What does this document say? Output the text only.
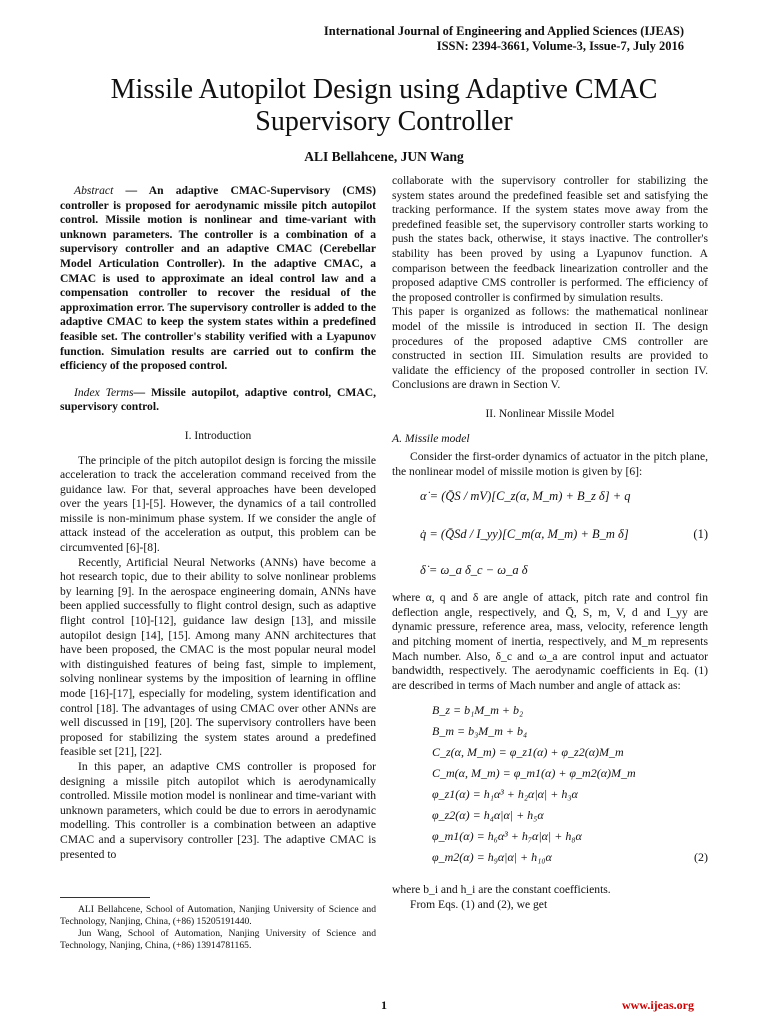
International Journal of Engineering and Applied Sciences (IJEAS)
ISSN: 2394-3661, Volume-3, Issue-7, July 2016
Missile Autopilot Design using Adaptive CMAC Supervisory Controller
ALI Bellahcene, JUN Wang

Abstract — An adaptive CMAC-Supervisory (CMS) controller is proposed for aerodynamic missile pitch autopilot control. Missile motion is nonlinear and time-variant with unknown parameters. The controller is a combination of a supervisory controller and an adaptive CMAC (Cerebellar Model Articulation Controller). In the adaptive CMAC, a CMAC is used to approximate an ideal control law and a compensation controller to recover the residual of the approximation error. The supervisory controller is added to the adaptive CMAC to keep the system states within a predefined feasible set. The controller's stability verified with a Lyapunov function. Simulation results are carried out to confirm the efficiency of the proposed control.

Index Terms— Missile autopilot, adaptive control, CMAC, supervisory control.

I. Introduction

The principle of the pitch autopilot design is forcing the missile acceleration to track the acceleration command received from the guidance law. For that, several approaches have been developed over the years [1]-[5]. However, the dynamics of a tail controlled missile is non-minimum phase system. If we consider the angle of attack instead of the acceleration as output, this problem can be circumvented [6]-[8].

Recently, Artificial Neural Networks (ANNs) have become a hot research topic, due to their ability to solve nonlinear problems by learning [9]. In the aerospace engineering domain, ANNs have been applied successfully to flight control design, such as adaptive flight control [10]-[12], guidance law design [13], and missile autopilot design [14], [15]. Among many ANN architectures that have been proposed, the CMAC is the most popular neural model with distinguished features of being fast, simple to implement, solving nonlinear systems by the imposition of learning in offline mode [16]-[17], especially for modeling, system identification and control [18]. The advantages of using CMAC over other ANNs are well discussed in [19], [20]. The supervisory controllers have been proposed for stabilizing the system states around a predefined feasible set [21], [22].

In this paper, an adaptive CMS controller is proposed for designing a missile pitch autopilot which is aerodynamically controlled. Missile motion model is nonlinear and time-variant with unknown parameters, which could be due to errors in aerodynamic modelling. This controller is a combination between an adaptive CMAC and a supervisory controller [23]. The adaptive CMAC is presented to

ALI Bellahcene, School of Automation, Nanjing University of Science and Technology, Nanjing, China, (+86) 15205191440.

Jun Wang, School of Automation, Nanjing University of Science and Technology, Nanjing, China, (+86) 13914781165.

collaborate with the supervisory controller for stabilizing the system states around the predefined feasible set and satisfying the tracking performance. If the system states move away from the predefined feasible set, the supervisory controller starts working to push the states back, otherwise, it stays inactive. The controller's stability has been proved by using a Lyapunov function. A comparison between the feedback linearization controller and the proposed adaptive CMS controller is performed. The efficiency of the proposed controller is confirmed by simulation results.

This paper is organized as follows: the mathematical nonlinear model of the missile is introduced in section II. The design procedures of the proposed adaptive CMS controller are constructed in section III. Simulation results are provided to validate the efficiency of the proposed controller in section IV. Conclusions are drawn in Section V.

II. Nonlinear Missile Model
A. Missile model

Consider the first-order dynamics of actuator in the pitch plane, the nonlinear model of missile motion is given by [6]:

α̇ = (Q̄S / mV)[C_z(α, M_m) + B_z δ] + q
q̇ = (Q̄Sd / I_yy)[C_m(α, M_m) + B_m δ]	(1)
δ̇ = ω_a δ_c − ω_a δ

where α, q and δ are angle of attack, pitch rate and control fin deflection angle, respectively, and Q̄, S, m, V, d and I_yy are dynamic pressure, reference area, mass, velocity, reference length and pitching moment of inertia, respectively, and M_m represents Mach number. Also, δ_c and ω_a are control input and actuator bandwidth, respectively. The aerodynamic coefficients in Eq. (1) are described in terms of Mach number and angle of attack as:

B_z = b₁M_m + b₂
B_m = b₃M_m + b₄
C_z(α, M_m) = φ_z1(α) + φ_z2(α)M_m
C_m(α, M_m) = φ_m1(α) + φ_m2(α)M_m
φ_z1(α) = h₁α³ + h₂α|α| + h₃α
φ_z2(α) = h₄α|α| + h₅α
φ_m1(α) = h₆α³ + h₇α|α| + h₈α
φ_m2(α) = h₉α|α| + h₁₀α	(2)

where b_i and h_i are the constant coefficients.

From Eqs. (1) and (2), we get

1	www.ijeas.org
